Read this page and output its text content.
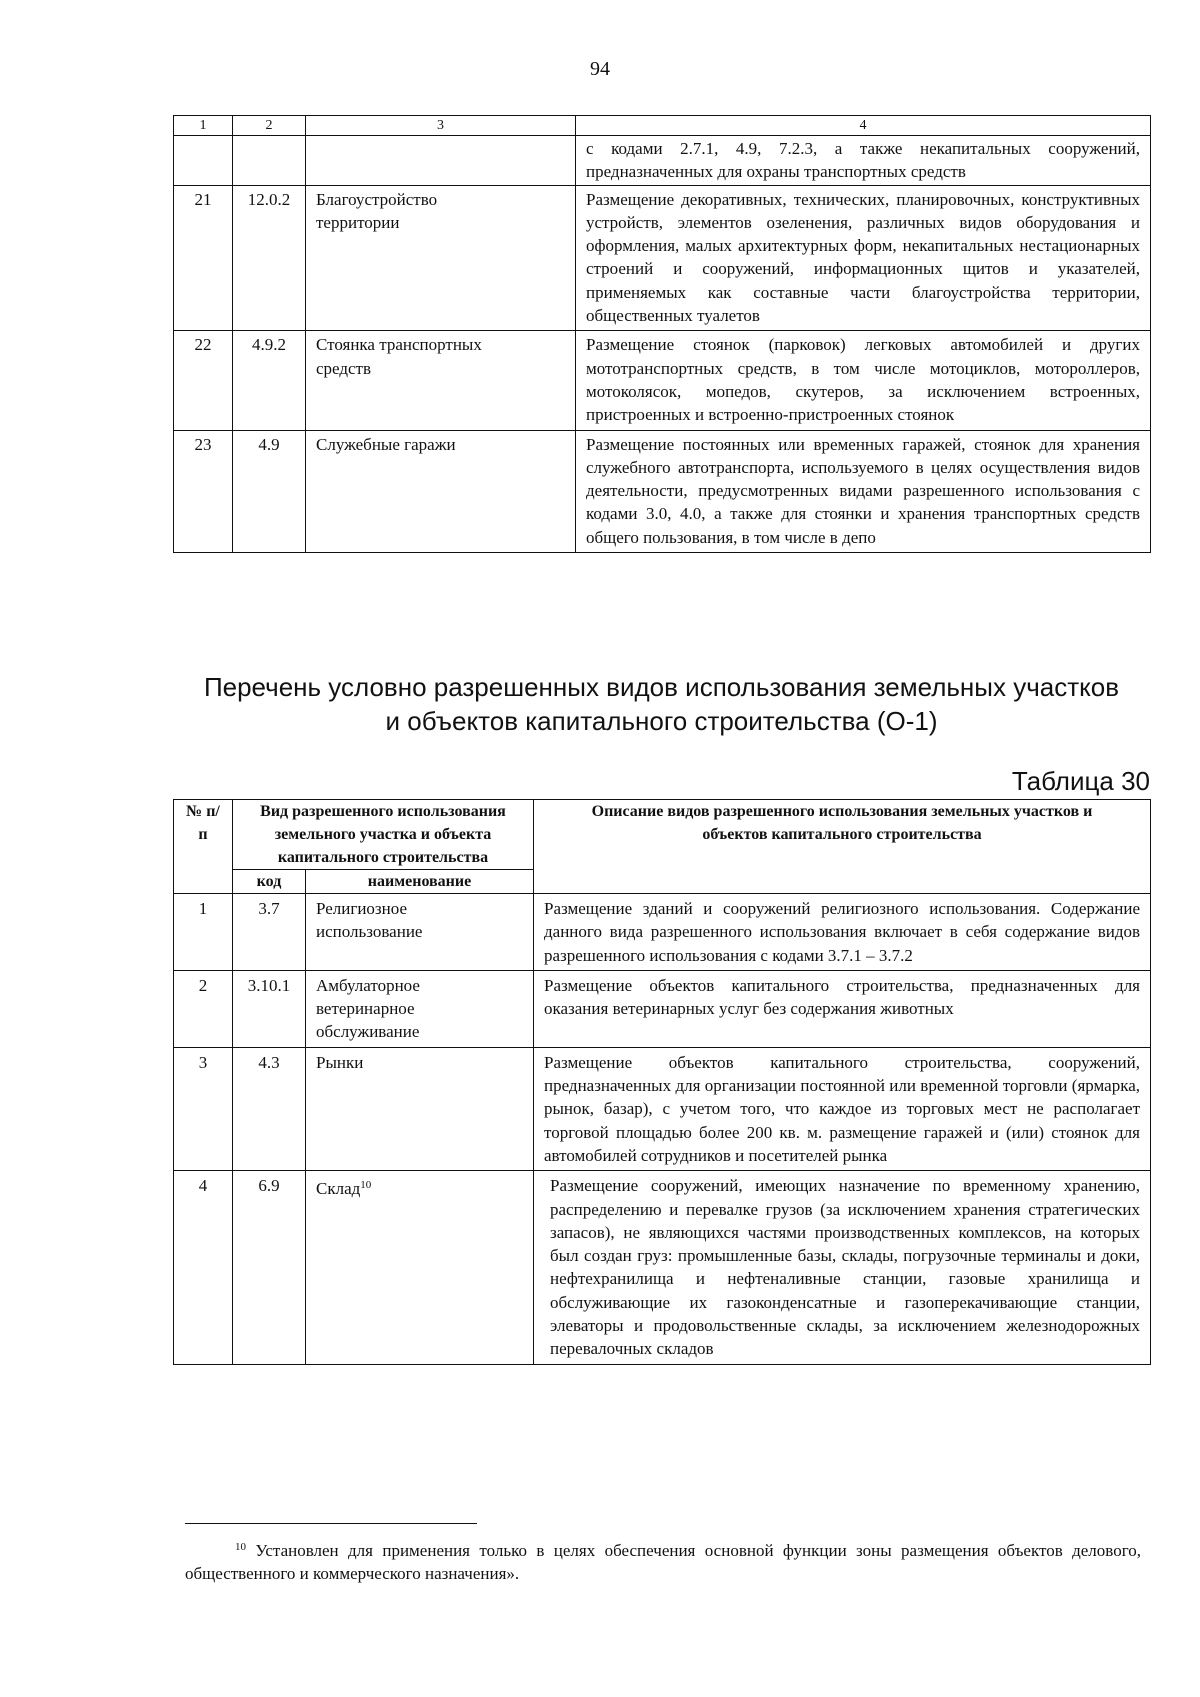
94
1	2	3	4
			с кодами 2.7.1, 4.9, 7.2.3, а также некапитальных сооружений, предназначенных для охраны транспортных средств
21	12.0.2	Благоустройство территории	Размещение декоративных, технических, планировочных, конструктивных устройств, элементов озеленения, различных видов оборудования и оформления, малых архитектурных форм, некапитальных нестационарных строений и сооружений, информационных щитов и указателей, применяемых как составные части благоустройства территории, общественных туалетов
22	4.9.2	Стоянка транспортных средств	Размещение стоянок (парковок) легковых автомобилей и других мототранспортных средств, в том числе мотоциклов, мотороллеров, мотоколясок, мопедов, скутеров, за исключением встроенных, пристроенных и встроенно-пристроенных стоянок
23	4.9	Служебные гаражи	Размещение постоянных или временных гаражей, стоянок для хранения служебного автотранспорта, используемого в целях осуществления видов деятельности, предусмотренных видами разрешенного использования с кодами 3.0, 4.0, а также для стоянки и хранения транспортных средств общего пользования, в том числе в депо
Перечень условно разрешенных видов использования земельных участков
и объектов капитального строительства (О-1)
Таблица 30
№ п/п	Вид разрешенного использования земельного участка и объекта капитального строительства		Описание видов разрешенного использования земельных участков и объектов капитального строительства
	код	наименование	
1	3.7	Религиозное использование	Размещение зданий и сооружений религиозного использования. Содержание данного вида разрешенного использования включает в себя содержание видов разрешенного использования с кодами 3.7.1 – 3.7.2
2	3.10.1	Амбулаторное ветеринарное обслуживание	Размещение объектов капитального строительства, предназначенных для оказания ветеринарных услуг без содержания животных
3	4.3	Рынки	Размещение объектов капитального строительства, сооружений, предназначенных для организации постоянной или временной торговли (ярмарка, рынок, базар), с учетом того, что каждое из торговых мест не располагает торговой площадью более 200 кв. м. размещение гаражей и (или) стоянок для автомобилей сотрудников и посетителей рынка
4	6.9	Склад$^{10}$	Размещение сооружений, имеющих назначение по временному хранению, распределению и перевалке грузов (за исключением хранения стратегических запасов), не являющихся частями производственных комплексов, на которых был создан груз: промышленные базы, склады, погрузочные терминалы и доки, нефтехранилища и нефтеналивные станции, газовые хранилища и обслуживающие их газоконденсатные и газоперекачивающие станции, элеваторы и продовольственные склады, за исключением железнодорожных перевалочных складов
$^{10}$ Установлен для применения только в целях обеспечения основной функции зоны размещения объектов делового, общественного и коммерческого назначения».
